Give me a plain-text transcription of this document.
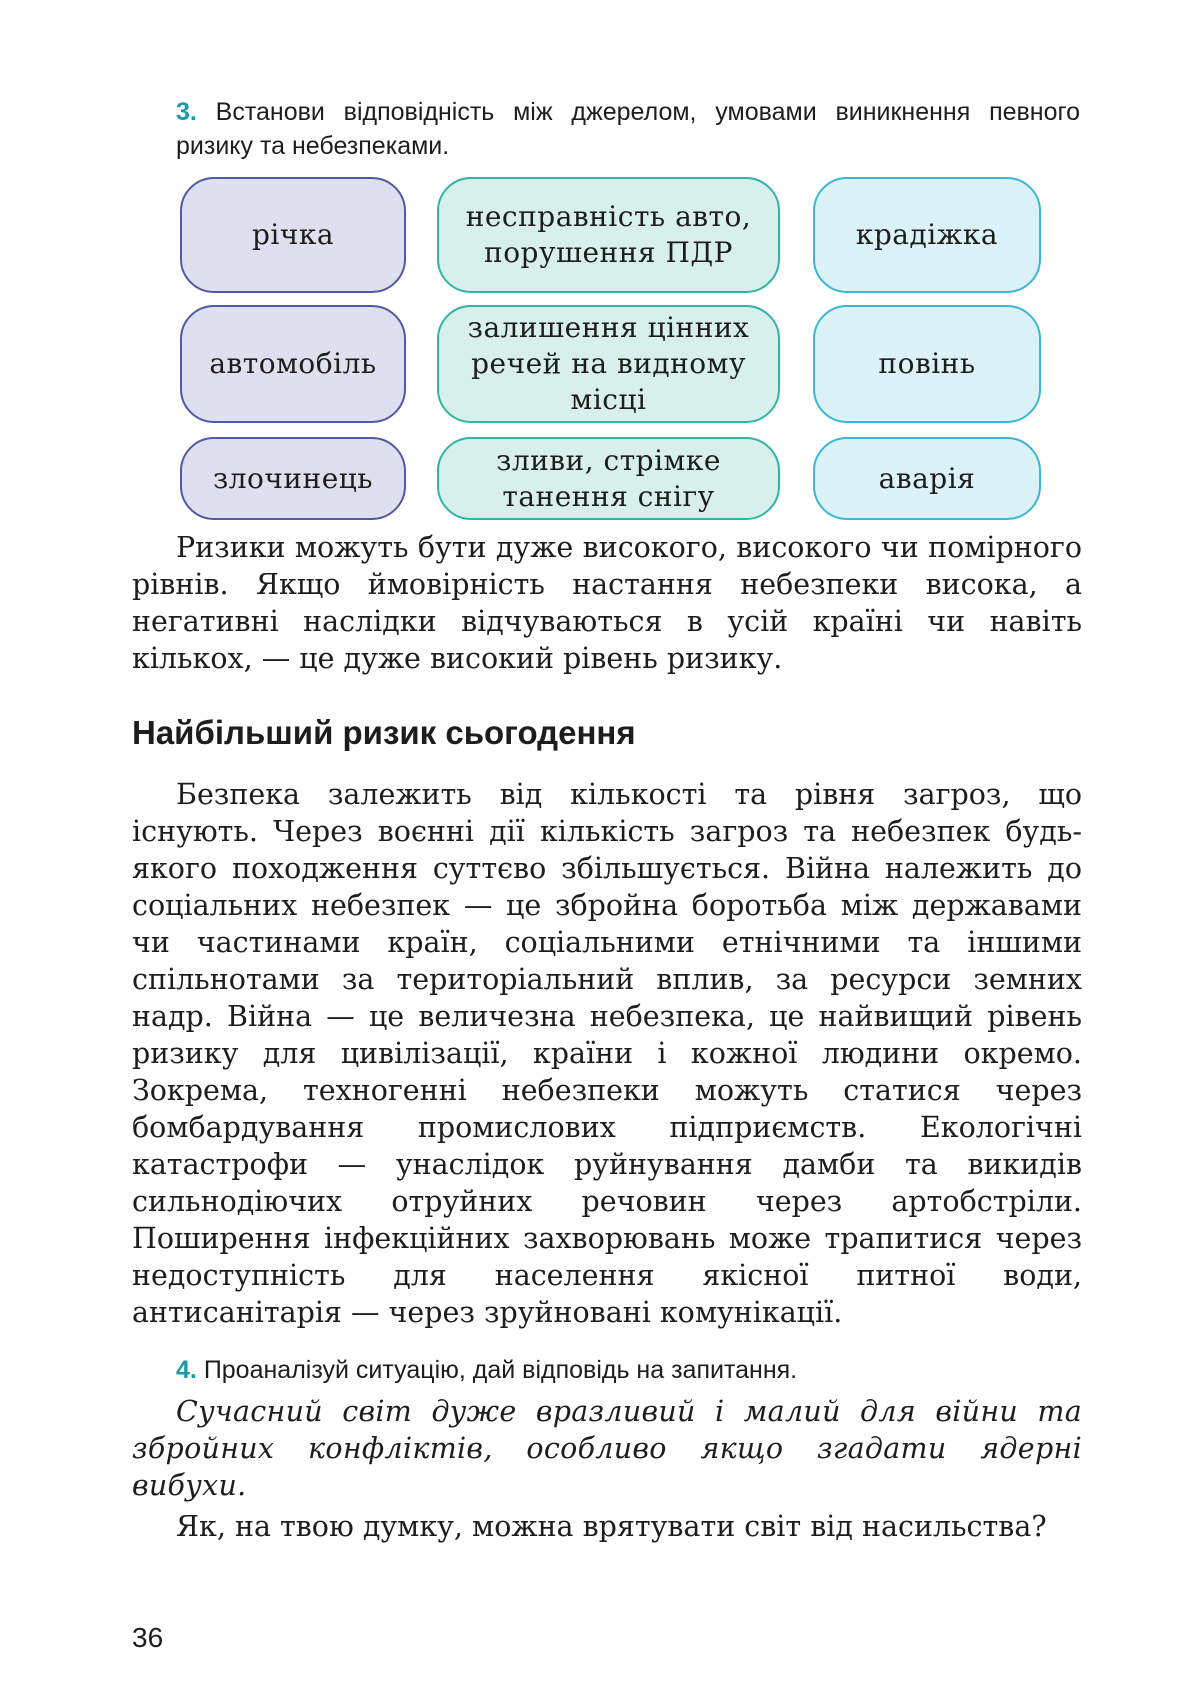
3. Встанови відповідність між джерелом, умовами виникнення певного ризику та небезпеками.
річка
несправність авто, порушення ПДР
крадіжка
автомобіль
залишення цінних речей на видному місці
повінь
злочинець
зливи, стрімке танення снігу
аварія

Ризики можуть бути дуже високого, високого чи помірного рівнів. Якщо ймовірність настання небезпеки висока, а негативні наслідки відчуваються в усій країні чи навіть кількох, — це дуже високий рівень ризику.

Найбільший ризик сьогодення

Безпека залежить від кількості та рівня загроз, що існують. Через воєнні дії кількість загроз та небезпек будь-якого походження суттєво збільшується. Війна належить до соціальних небезпек — це збройна боротьба між державами чи частинами країн, соціальними етнічними та іншими спільнотами за територіальний вплив, за ресурси земних надр. Війна — це величезна небезпека, це найвищий рівень ризику для цивілізації, країни і кожної людини окремо. Зокрема, техногенні небезпеки можуть статися через бомбардування промислових підприємств. Екологічні катастрофи — унаслідок руйнування дамби та викидів сильнодіючих отруйних речовин через артобстріли. Поширення інфекційних захворювань може трапитися через недоступність для населення якісної питної води, антисанітарія — через зруйновані комунікації.

4. Проаналізуй ситуацію, дай відповідь на запитання.

Сучасний світ дуже вразливий і малий для війни та збройних конфліктів, особливо якщо згадати ядерні вибухи.

Як, на твою думку, можна врятувати світ від насильства?

36
